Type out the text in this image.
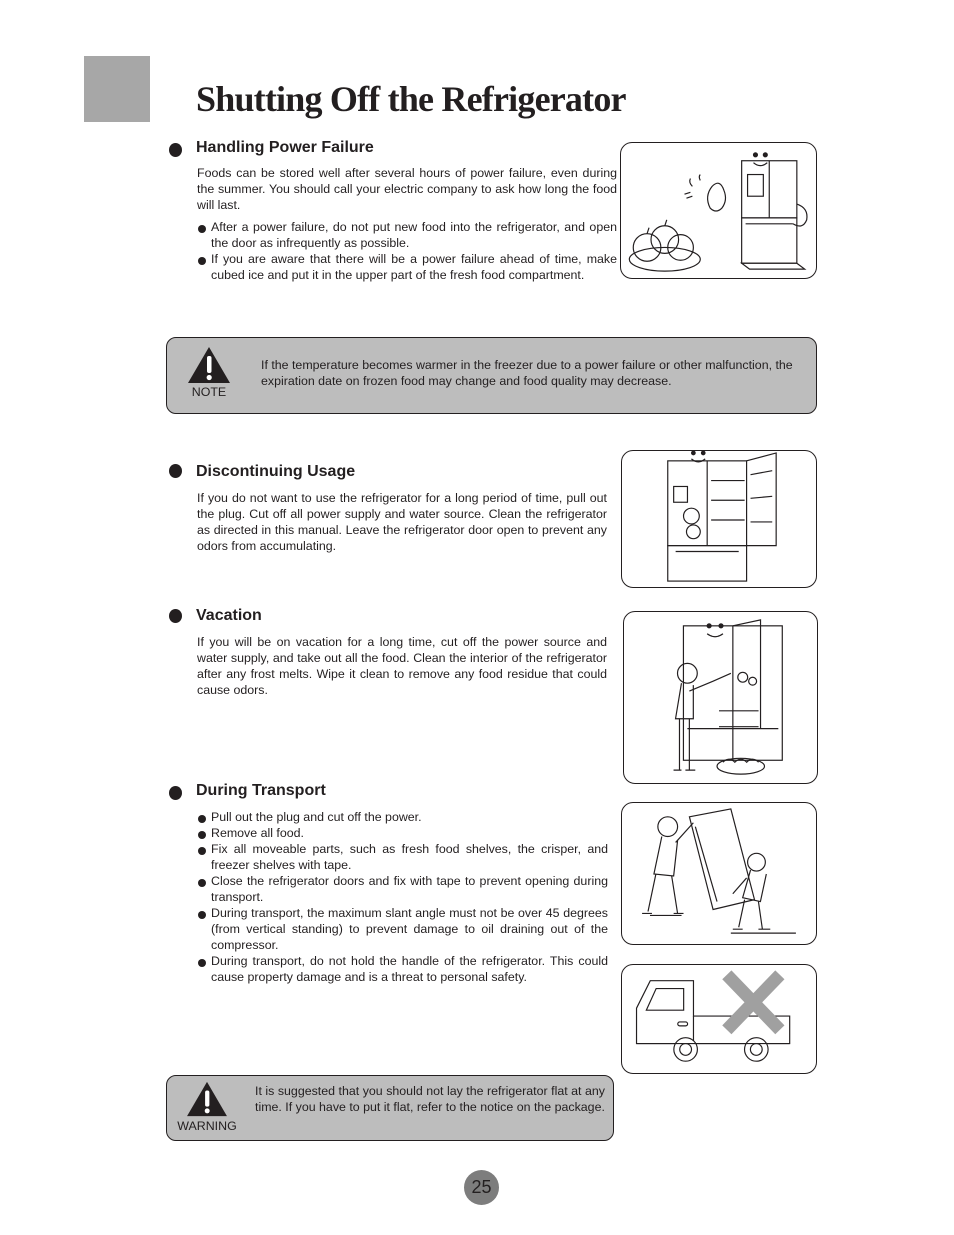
Shutting Off the Refrigerator
Handling Power Failure
Foods can be stored well after several hours of power failure, even during the summer. You should call your electric company to ask how long the food will last.
After a power failure, do not put new food into the refrigerator, and open the door as infrequently as possible.
If you are aware that there will be a power failure ahead of time, make cubed ice and put it in the upper part of the fresh food compartment.
NOTE
If the temperature becomes warmer in the freezer due to a power failure or other malfunction, the expiration date on frozen food may change and food quality may decrease.
Discontinuing Usage
If you do not want to use the refrigerator for a long period of time, pull out the plug. Cut off all power supply and water source. Clean the refrigerator as directed in this manual. Leave the refrigerator door open to prevent any odors from accumulating.
Vacation
If you will be on vacation for a long time, cut off the power source and water supply, and take out all the food. Clean the interior of the refrigerator after any frost melts. Wipe it clean to remove any food residue that could cause odors.
During Transport
Pull out the plug and cut off the power.
Remove all food.
Fix all moveable parts, such as fresh food shelves, the crisper, and freezer shelves with tape.
Close the refrigerator doors and fix with tape to prevent opening during transport.
During transport, the maximum slant angle must not be over 45 degrees (from vertical standing) to prevent damage to oil draining out of the compressor.
During transport, do not hold the handle of the refrigerator. This could cause property damage and is a threat to personal safety.
WARNING
It is suggested that you should not lay the refrigerator flat at any time. If you have to put it flat, refer to the notice on the package.
25
